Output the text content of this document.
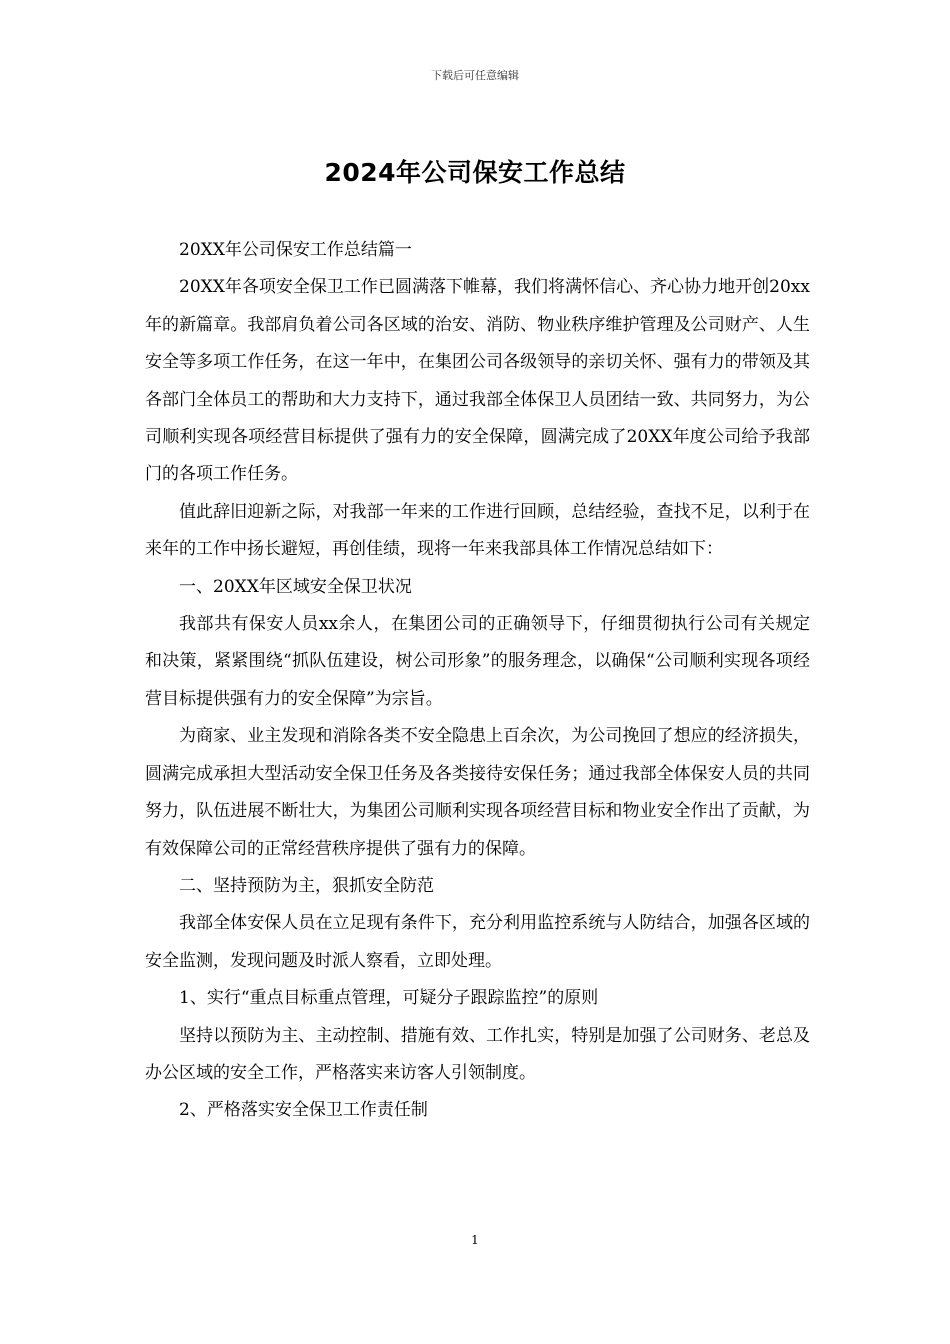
下载后可任意编辑
2024年公司保安工作总结

20XX年公司保安工作总结篇一

20XX年各项安全保卫工作已圆满落下帷幕，我们将满怀信心、齐心协力地开创20xx年的新篇章。我部肩负着公司各区域的治安、消防、物业秩序维护管理及公司财产、人生安全等多项工作任务，在这一年中，在集团公司各级领导的亲切关怀、强有力的带领及其各部门全体员工的帮助和大力支持下，通过我部全体保卫人员团结一致、共同努力，为公司顺利实现各项经营目标提供了强有力的安全保障，圆满完成了20XX年度公司给予我部门的各项工作任务。

值此辞旧迎新之际，对我部一年来的工作进行回顾，总结经验，查找不足，以利于在来年的工作中扬长避短，再创佳绩，现将一年来我部具体工作情况总结如下：

一、20XX年区域安全保卫状况

我部共有保安人员xx余人，在集团公司的正确领导下，仔细贯彻执行公司有关规定和决策，紧紧围绕“抓队伍建设，树公司形象”的服务理念，以确保“公司顺利实现各项经营目标提供强有力的安全保障”为宗旨。

为商家、业主发现和消除各类不安全隐患上百余次，为公司挽回了想应的经济损失，圆满完成承担大型活动安全保卫任务及各类接待安保任务；通过我部全体保安人员的共同努力，队伍进展不断壮大，为集团公司顺利实现各项经营目标和物业安全作出了贡献，为有效保障公司的正常经营秩序提供了强有力的保障。

二、坚持预防为主，狠抓安全防范

我部全体安保人员在立足现有条件下，充分利用监控系统与人防结合，加强各区域的安全监测，发现问题及时派人察看，立即处理。

1、实行“重点目标重点管理，可疑分子跟踪监控”的原则

坚持以预防为主、主动控制、措施有效、工作扎实，特别是加强了公司财务、老总及办公区域的安全工作，严格落实来访客人引领制度。

2、严格落实安全保卫工作责任制

1
